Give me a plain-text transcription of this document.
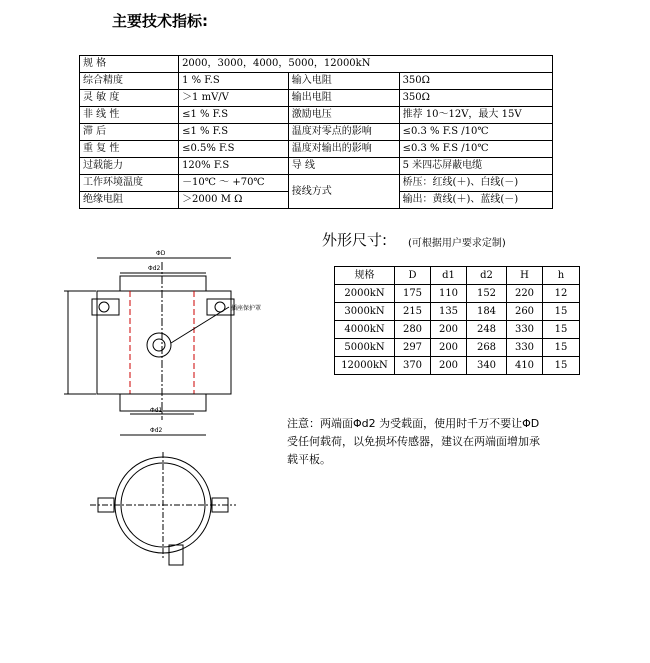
主要技术指标:
规 格	2000，3000，4000，5000，12000kN		
综合精度	1 % F.S	输入电阻	350Ω
灵 敏 度	＞1 mV/V	输出电阻	350Ω
非 线 性	≤1 % F.S	激励电压	推荐 10～12V，最大 15V
滞 后	≤1 % F.S	温度对零点的影响	≤0.3 % F.S /10℃
重 复 性	≤0.5% F.S	温度对输出的影响	≤0.3 % F.S /10℃
过载能力	120% F.S	导 线	5 米四芯屏蔽电缆
工作环境温度	－10℃ ～ +70℃	接线方式	桥压：红线(＋)、白线(－)
绝缘电阻	＞2000 M Ω		输出：黄线(＋)、蓝线(－)
外形尺寸: (可根据用户要求定制)
规格	D	d1	d2	H	h
2000kN	175	110	152	220	12
3000kN	215	135	184	260	15
4000kN	280	200	248	330	15
5000kN	297	200	268	330	15
12000kN	370	200	340	410	15
ΦD
Φd2
插座保护罩
Φd1
Φd2
注意：两端面Φd2 为受载面，使用时千万不要让ΦD 受任何载荷，以免损坏传感器，建议在两端面增加承载平板。
